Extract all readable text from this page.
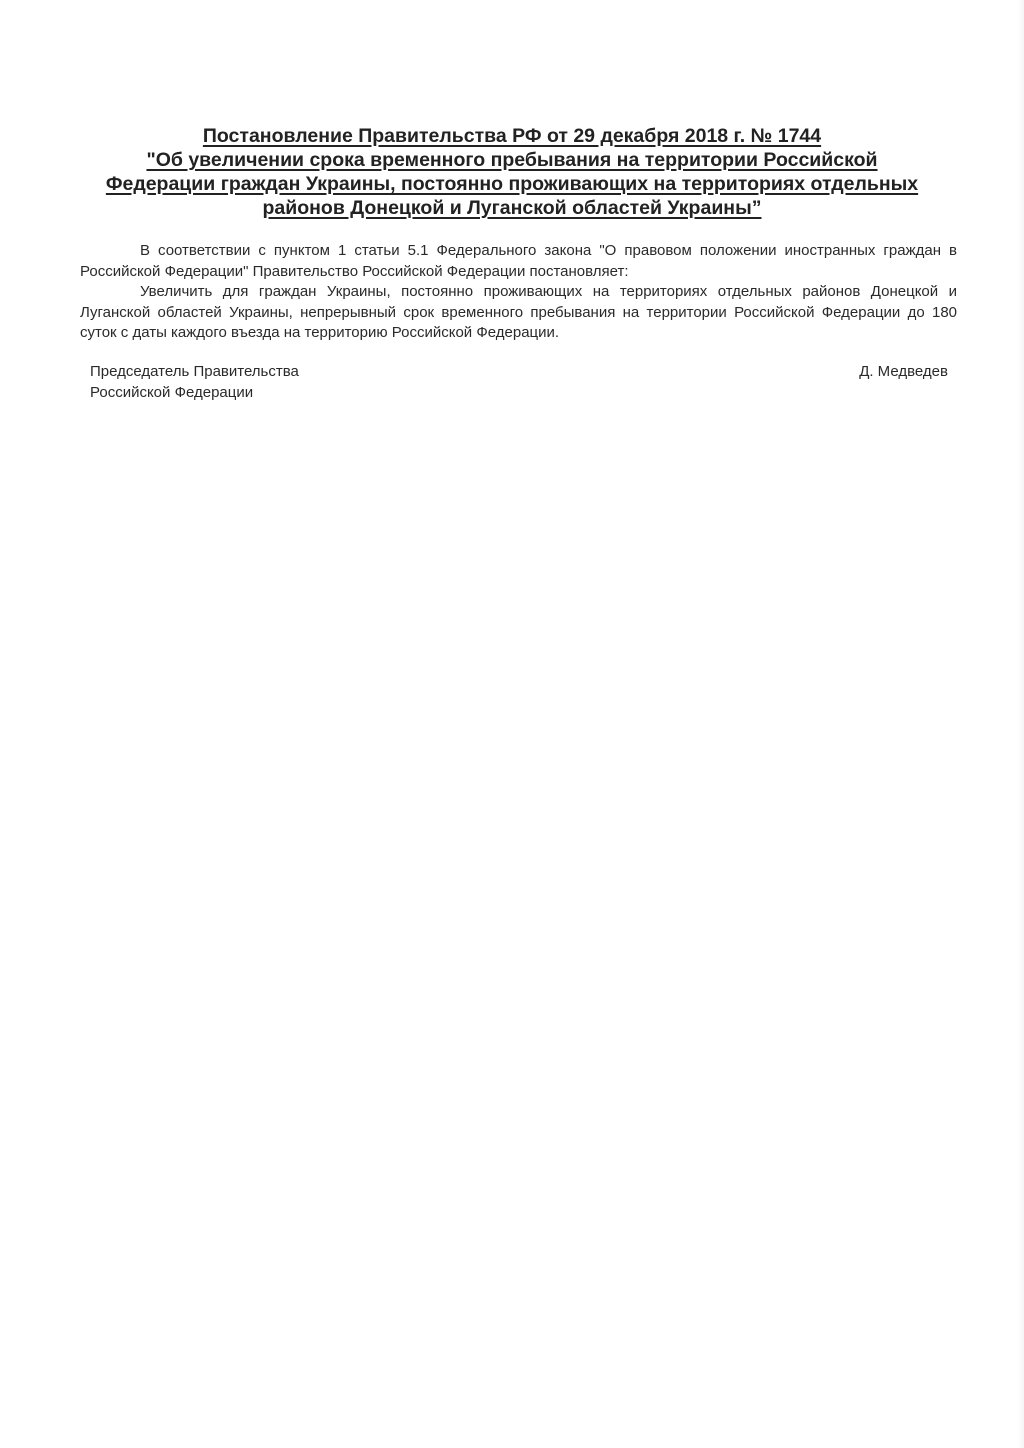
Постановление Правительства РФ от 29 декабря 2018 г. № 1744
"Об увеличении срока временного пребывания на территории Российской
Федерации граждан Украины, постоянно проживающих на территориях отдельных
районов Донецкой и Луганской областей Украины”

В соответствии с пунктом 1 статьи 5.1 Федерального закона "О правовом положении иностранных граждан в Российской Федерации" Правительство Российской Федерации постановляет:

Увеличить для граждан Украины, постоянно проживающих на территориях отдельных районов Донецкой и Луганской областей Украины, непрерывный срок временного пребывания на территории Российской Федерации до 180 суток с даты каждого въезда на территорию Российской Федерации.

Председатель Правительства
Российской Федерации
Д. Медведев
